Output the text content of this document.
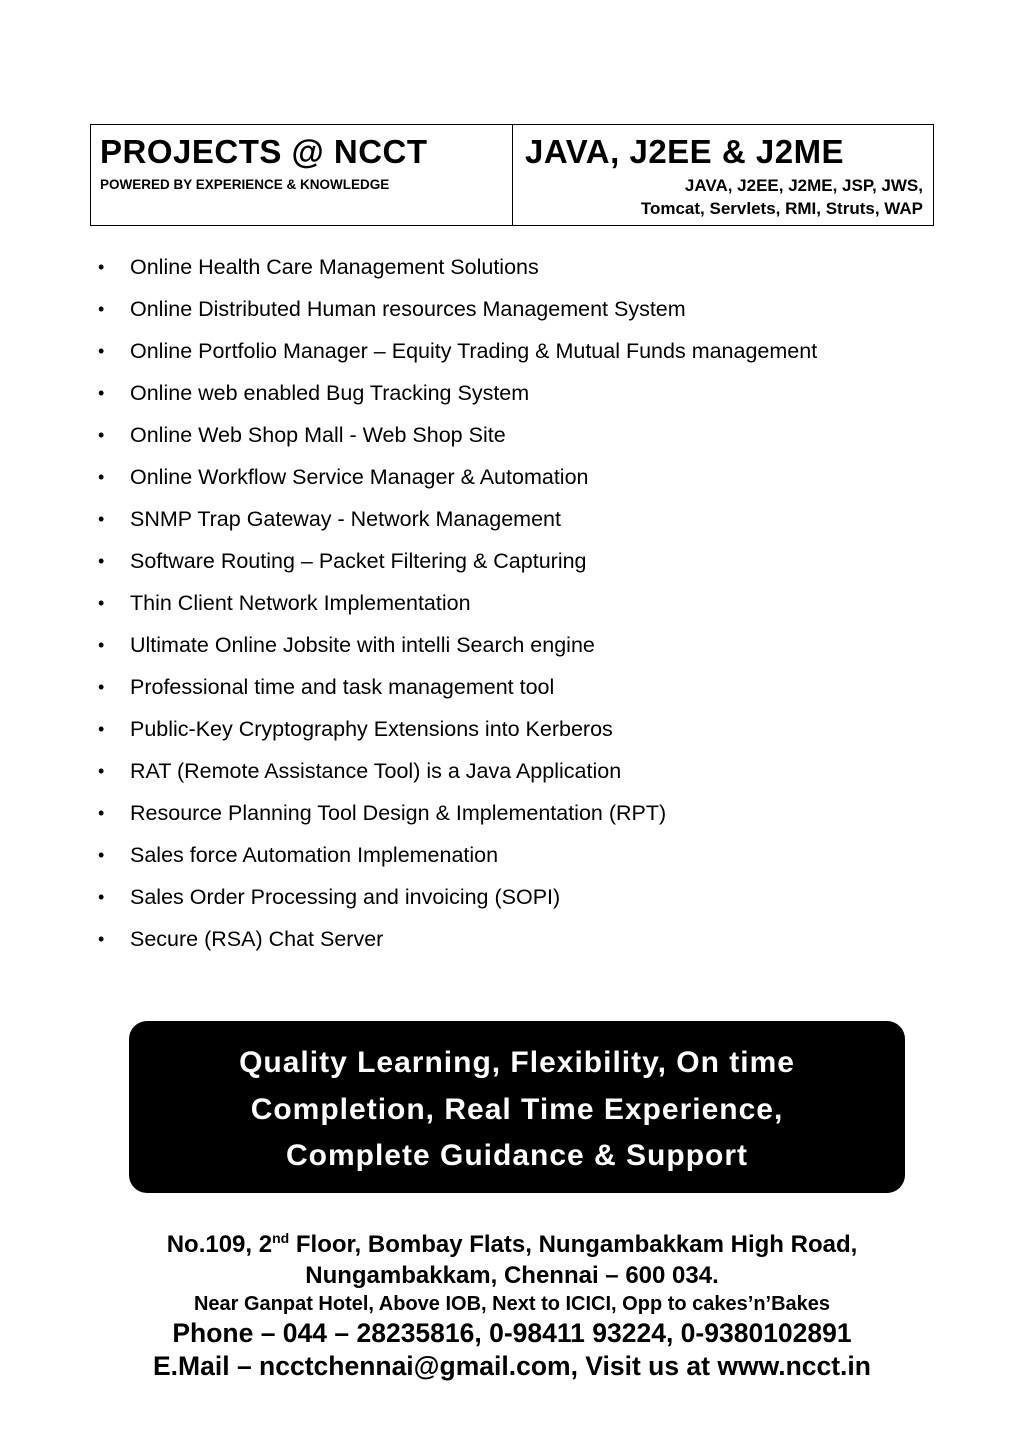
PROJECTS @ NCCT
POWERED BY EXPERIENCE & KNOWLEDGE
JAVA, J2EE & J2ME
JAVA, J2EE, J2ME, JSP, JWS,
Tomcat, Servlets, RMI, Struts, WAP
• Online Health Care Management Solutions
• Online Distributed Human resources Management System
• Online Portfolio Manager – Equity Trading & Mutual Funds management
• Online web enabled Bug Tracking System
• Online Web Shop Mall - Web Shop Site
• Online Workflow Service Manager & Automation
• SNMP Trap Gateway - Network Management
• Software Routing – Packet Filtering & Capturing
• Thin Client Network Implementation
• Ultimate Online Jobsite with intelli Search engine
• Professional time and task management tool
• Public-Key Cryptography Extensions into Kerberos
• RAT (Remote Assistance Tool) is a Java Application
• Resource Planning Tool Design & Implementation (RPT)
• Sales force Automation Implemenation
• Sales Order Processing and invoicing (SOPI)
• Secure (RSA) Chat Server
Quality Learning, Flexibility, On time
Completion, Real Time Experience,
Complete Guidance & Support
No.109, 2nd Floor, Bombay Flats, Nungambakkam High Road,
Nungambakkam, Chennai – 600 034.
Near Ganpat Hotel, Above IOB, Next to ICICI, Opp to cakes’n’Bakes
Phone – 044 – 28235816, 0-98411 93224, 0-9380102891
E.Mail – ncctchennai@gmail.com, Visit us at www.ncct.in
